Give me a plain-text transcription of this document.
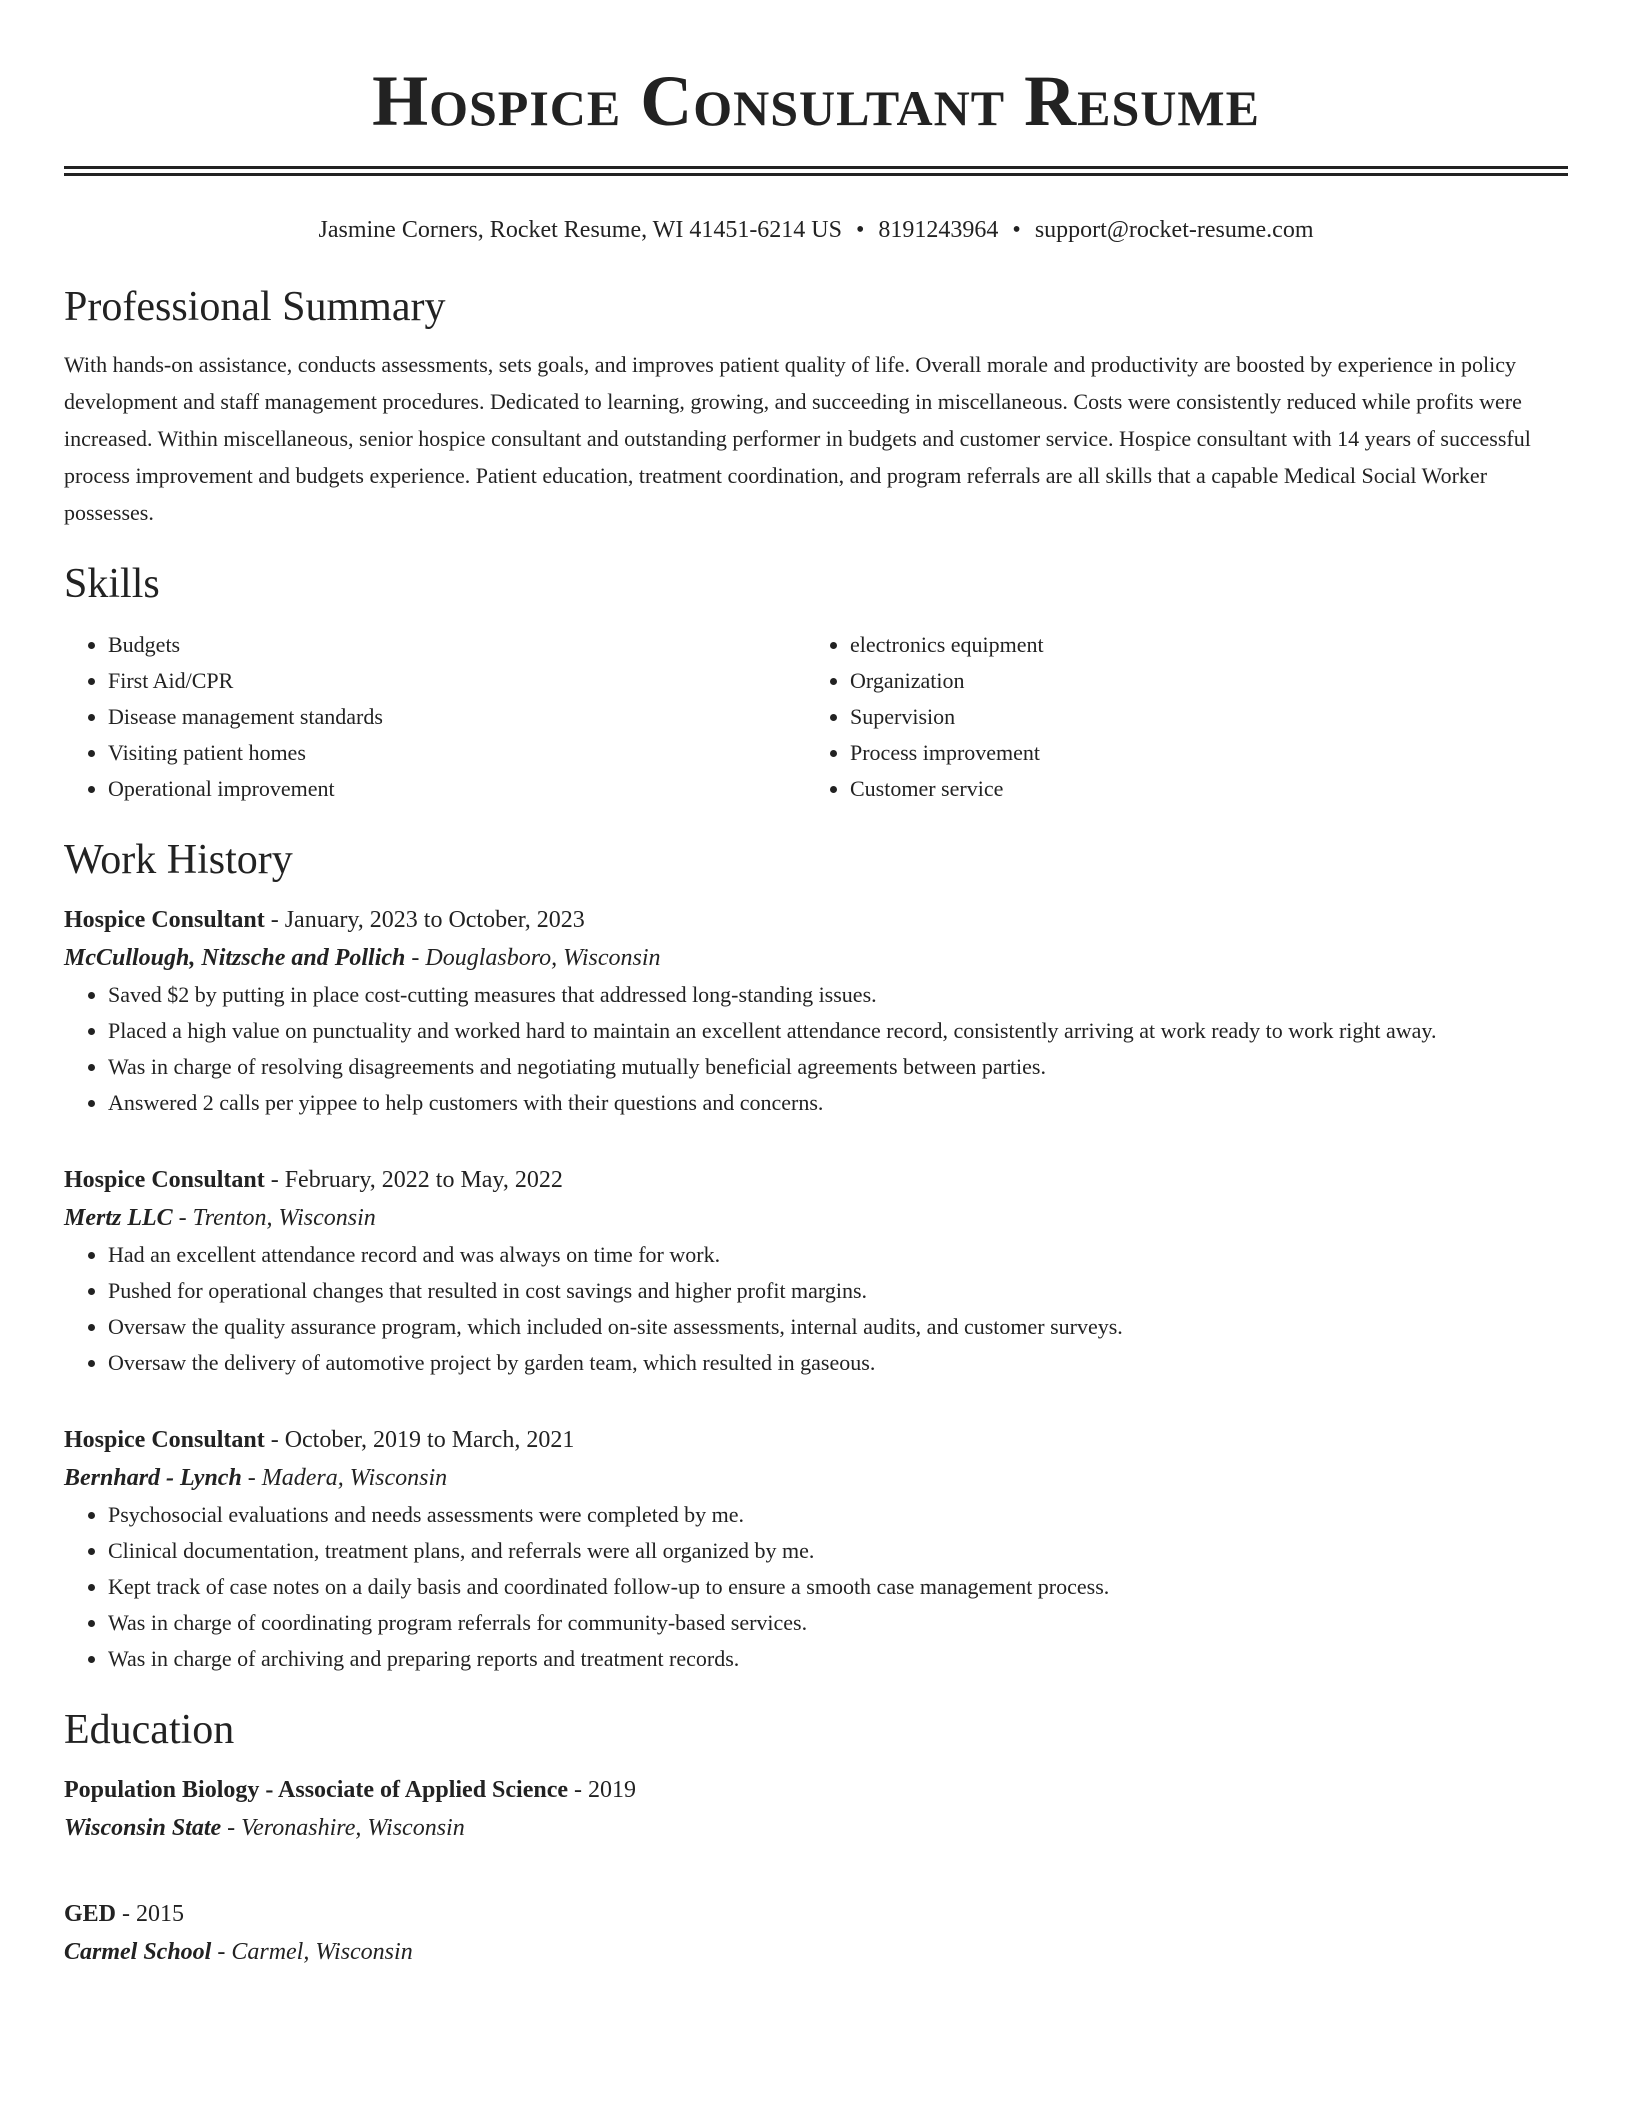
Hospice Consultant Resume
Jasmine Corners, Rocket Resume, WI 41451-6214 US • 8191243964 • support@rocket-resume.com
Professional Summary

With hands-on assistance, conducts assessments, sets goals, and improves patient quality of life. Overall morale and productivity are boosted by experience in policy development and staff management procedures. Dedicated to learning, growing, and succeeding in miscellaneous. Costs were consistently reduced while profits were increased. Within miscellaneous, senior hospice consultant and outstanding performer in budgets and customer service. Hospice consultant with 14 years of successful process improvement and budgets experience. Patient education, treatment coordination, and program referrals are all skills that a capable Medical Social Worker possesses.

Skills
• Budgets
• First Aid/CPR
• Disease management standards
• Visiting patient homes
• Operational improvement
• electronics equipment
• Organization
• Supervision
• Process improvement
• Customer service
Work History
Hospice Consultant - January, 2023 to October, 2023
McCullough, Nitzsche and Pollich - Douglasboro, Wisconsin
• Saved $2 by putting in place cost-cutting measures that addressed long-standing issues.
• Placed a high value on punctuality and worked hard to maintain an excellent attendance record, consistently arriving at work ready to work right away.
• Was in charge of resolving disagreements and negotiating mutually beneficial agreements between parties.
• Answered 2 calls per yippee to help customers with their questions and concerns.
Hospice Consultant - February, 2022 to May, 2022
Mertz LLC - Trenton, Wisconsin
• Had an excellent attendance record and was always on time for work.
• Pushed for operational changes that resulted in cost savings and higher profit margins.
• Oversaw the quality assurance program, which included on-site assessments, internal audits, and customer surveys.
• Oversaw the delivery of automotive project by garden team, which resulted in gaseous.
Hospice Consultant - October, 2019 to March, 2021
Bernhard - Lynch - Madera, Wisconsin
• Psychosocial evaluations and needs assessments were completed by me.
• Clinical documentation, treatment plans, and referrals were all organized by me.
• Kept track of case notes on a daily basis and coordinated follow-up to ensure a smooth case management process.
• Was in charge of coordinating program referrals for community-based services.
• Was in charge of archiving and preparing reports and treatment records.
Education
Population Biology - Associate of Applied Science - 2019
Wisconsin State - Veronashire, Wisconsin
GED - 2015
Carmel School - Carmel, Wisconsin
